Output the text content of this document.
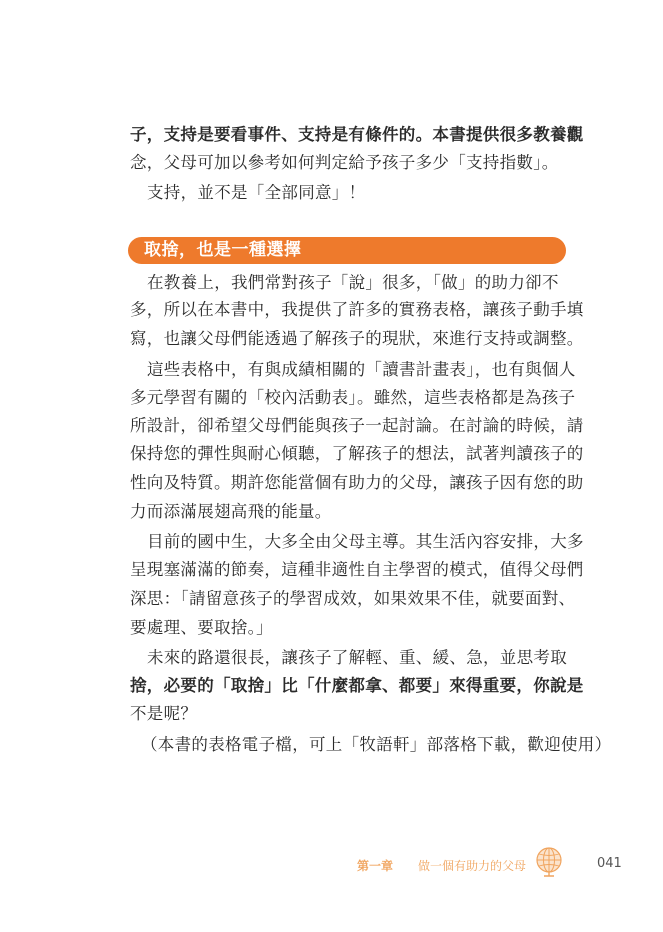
子，支持是要看事件、支持是有條件的。本書提供很多教養觀
念，父母可加以參考如何判定給予孩子多少「支持指數」。
支持，並不是「全部同意」！
取捨，也是一種選擇
在教養上，我們常對孩子「說」很多，「做」的助力卻不
多，所以在本書中，我提供了許多的實務表格，讓孩子動手填
寫，也讓父母們能透過了解孩子的現狀，來進行支持或調整。
這些表格中，有與成績相關的「讀書計畫表」，也有與個人
多元學習有關的「校內活動表」。雖然，這些表格都是為孩子
所設計，卻希望父母們能與孩子一起討論。在討論的時候，請
保持您的彈性與耐心傾聽，了解孩子的想法，試著判讀孩子的
性向及特質。期許您能當個有助力的父母，讓孩子因有您的助
力而添滿展翅高飛的能量。
目前的國中生，大多全由父母主導。其生活內容安排，大多
呈現塞滿滿的節奏，這種非適性自主學習的模式，值得父母們
深思：「請留意孩子的學習成效，如果效果不佳，就要面對、
要處理、要取捨。」
未來的路還很長，讓孩子了解輕、重、緩、急，並思考取
捨，必要的「取捨」比「什麼都拿、都要」來得重要，你說是
不是呢？
（本書的表格電子檔，可上「牧語軒」部落格下載，歡迎使用）
第一章 做一個有助力的父母	041
